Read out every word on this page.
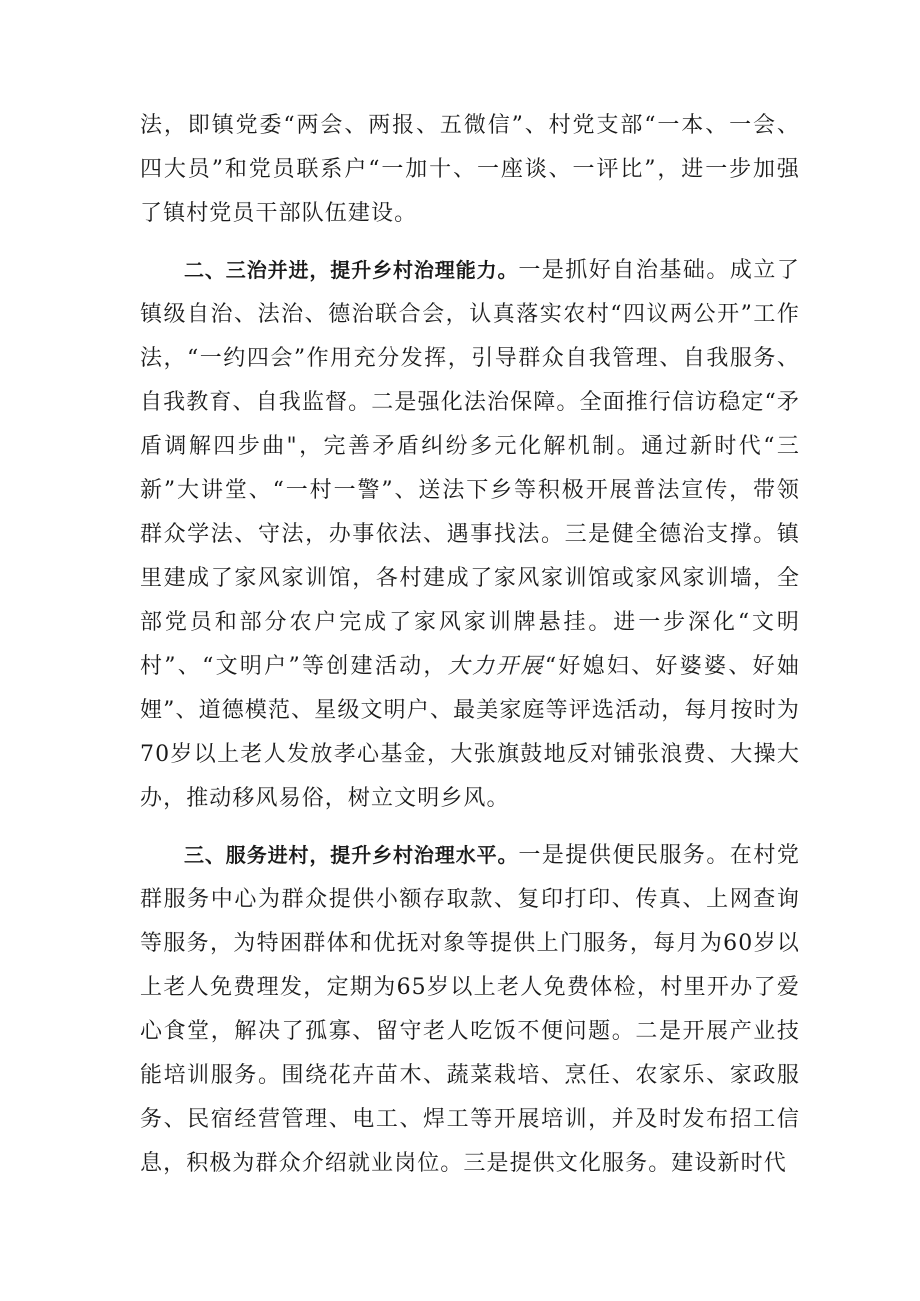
法，即镇党委“两会、两报、五微信”、村党支部“一本、一会、四大员”和党员联系户“一加十、一座谈、一评比”，进一步加强了镇村党员干部队伍建设。

二、三治并进，提升乡村治理能力。一是抓好自治基础。成立了镇级自治、法治、德治联合会，认真落实农村“四议两公开”工作法，“一约四会”作用充分发挥，引导群众自我管理、自我服务、自我教育、自我监督。二是强化法治保障。全面推行信访稳定“矛盾调解四步曲"，完善矛盾纠纷多元化解机制。通过新时代“三新”大讲堂、“一村一警”、送法下乡等积极开展普法宣传，带领群众学法、守法，办事依法、遇事找法。三是健全德治支撑。镇里建成了家风家训馆，各村建成了家风家训馆或家风家训墙，全部党员和部分农户完成了家风家训牌悬挂。进一步深化“文明村”、“文明户”等创建活动，大力开展“好媳妇、好婆婆、好妯娌”、道德模范、星级文明户、最美家庭等评选活动，每月按时为70岁以上老人发放孝心基金，大张旗鼓地反对铺张浪费、大操大办，推动移风易俗，树立文明乡风。

三、服务进村，提升乡村治理水平。一是提供便民服务。在村党群服务中心为群众提供小额存取款、复印打印、传真、上网查询等服务，为特困群体和优抚对象等提供上门服务，每月为60岁以上老人免费理发，定期为65岁以上老人免费体检，村里开办了爱心食堂，解决了孤寡、留守老人吃饭不便问题。二是开展产业技能培训服务。围绕花卉苗木、蔬菜栽培、烹任、农家乐、家政服务、民宿经营管理、电工、焊工等开展培训，并及时发布招工信息，积极为群众介绍就业岗位。三是提供文化服务。建设新时代
